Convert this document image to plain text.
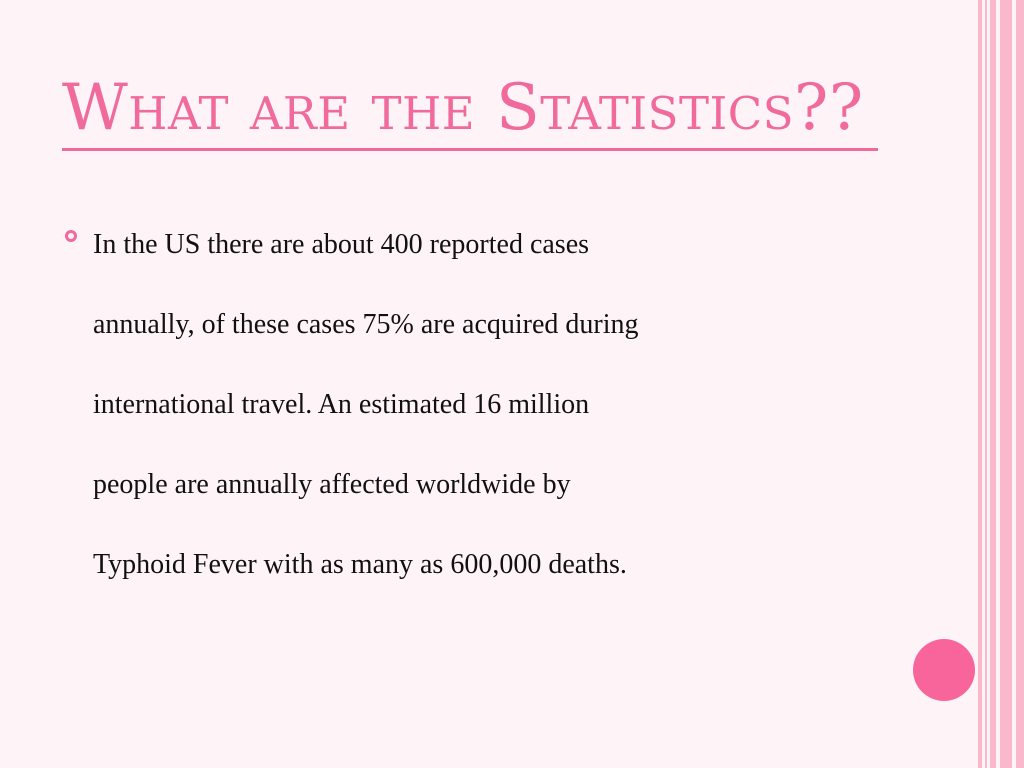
What are the Statistics??
In the US there are about 400 reported cases
annually, of these cases 75% are acquired during
international travel. An estimated 16 million
people are annually affected worldwide by
Typhoid Fever with as many as 600,000 deaths.
